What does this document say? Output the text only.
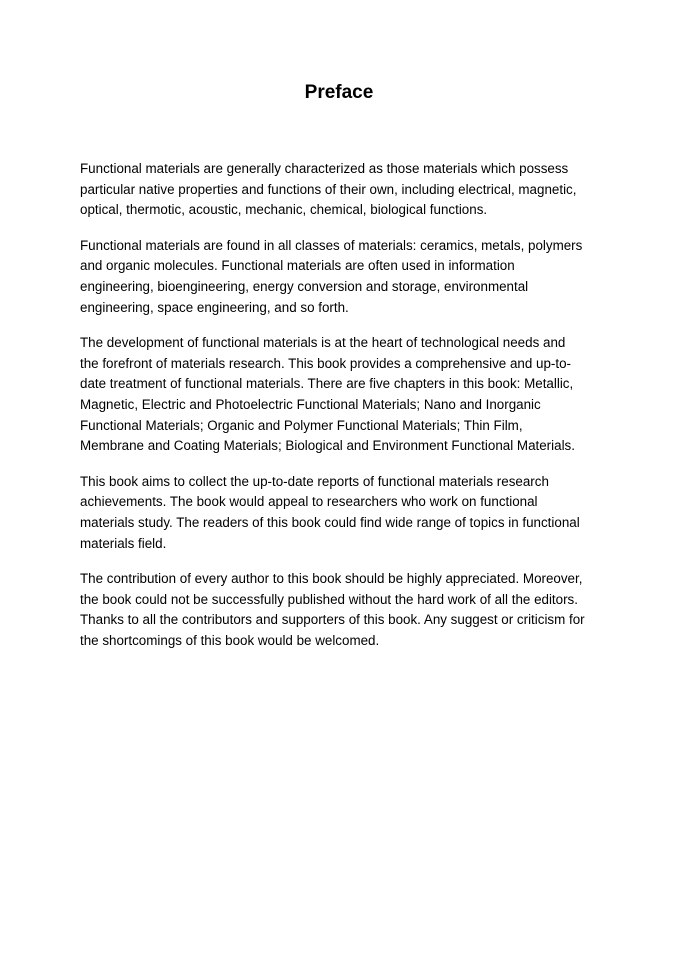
Preface

Functional materials are generally characterized as those materials which possess
particular native properties and functions of their own, including electrical, magnetic,
optical, thermotic, acoustic, mechanic, chemical, biological functions.

Functional materials are found in all classes of materials: ceramics, metals, polymers
and organic molecules. Functional materials are often used in information
engineering, bioengineering, energy conversion and storage, environmental
engineering, space engineering, and so forth.

The development of functional materials is at the heart of technological needs and
the forefront of materials research. This book provides a comprehensive and up-to-
date treatment of functional materials. There are five chapters in this book: Metallic,
Magnetic, Electric and Photoelectric Functional Materials; Nano and Inorganic
Functional Materials; Organic and Polymer Functional Materials; Thin Film,
Membrane and Coating Materials; Biological and Environment Functional Materials.

This book aims to collect the up-to-date reports of functional materials research
achievements. The book would appeal to researchers who work on functional
materials study. The readers of this book could find wide range of topics in functional
materials field.

The contribution of every author to this book should be highly appreciated. Moreover,
the book could not be successfully published without the hard work of all the editors.
Thanks to all the contributors and supporters of this book. Any suggest or criticism for
the shortcomings of this book would be welcomed.
